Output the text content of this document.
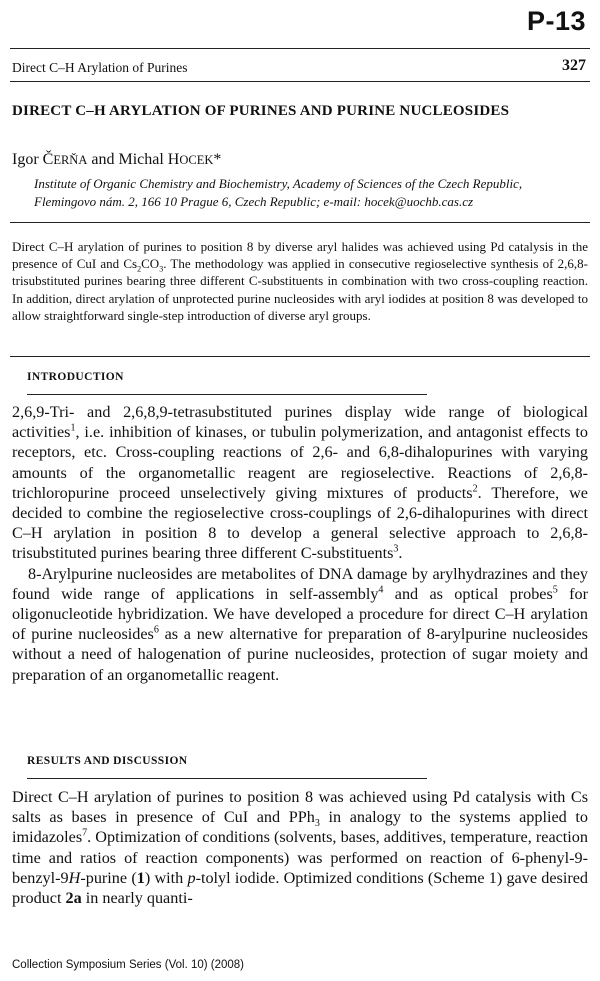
P-13
Direct C–H Arylation of Purines	327
DIRECT C–H ARYLATION OF PURINES AND PURINE NUCLEOSIDES
Igor ČERŇA and Michal HOCEK*
Institute of Organic Chemistry and Biochemistry, Academy of Sciences of the Czech Republic, Flemingovo nám. 2, 166 10 Prague 6, Czech Republic; e-mail: hocek@uochb.cas.cz
Direct C–H arylation of purines to position 8 by diverse aryl halides was achieved using Pd catalysis in the presence of CuI and $Cs_2CO_3$. The methodology was applied in consecutive regioselective synthesis of 2,6,8-trisubstituted purines bearing three different C-substituents in combination with two cross-coupling reaction. In addition, direct arylation of unprotected purine nucleosides with aryl iodides at position 8 was developed to allow straightforward single-step introduction of diverse aryl groups.
INTRODUCTION

2,6,9-Tri- and 2,6,8,9-tetrasubstituted purines display wide range of biological activities$^1$, i.e. inhibition of kinases, or tubulin polymerization, and antagonist effects to receptors, etc. Cross-coupling reactions of 2,6- and 6,8-dihalopurines with varying amounts of the organometallic reagent are regioselective. Reactions of 2,6,8-trichloropurine proceed unselectively giving mixtures of products$^2$. Therefore, we decided to combine the regioselective cross-couplings of 2,6-dihalopurines with direct C–H arylation in position 8 to develop a general selective approach to 2,6,8-trisubstituted purines bearing three different C-substituents$^3$.

8-Arylpurine nucleosides are metabolites of DNA damage by arylhydrazines and they found wide range of applications in self-assembly$^4$ and as optical probes$^5$ for oligonucleotide hybridization. We have developed a procedure for direct C–H arylation of purine nucleosides$^6$ as a new alternative for preparation of 8-arylpurine nucleosides without a need of halogenation of purine nucleosides, protection of sugar moiety and preparation of an organometallic reagent.

RESULTS AND DISCUSSION

Direct C–H arylation of purines to position 8 was achieved using Pd catalysis with Cs salts as bases in presence of CuI and PPh$_3$ in analogy to the systems applied to imidazoles$^7$. Optimization of conditions (solvents, bases, additives, temperature, reaction time and ratios of reaction components) was performed on reaction of 6-phenyl-9-benzyl-9H-purine (1) with p-tolyl iodide. Optimized conditions (Scheme 1) gave desired product 2a in nearly quanti-

Collection Symposium Series (Vol. 10) (2008)
